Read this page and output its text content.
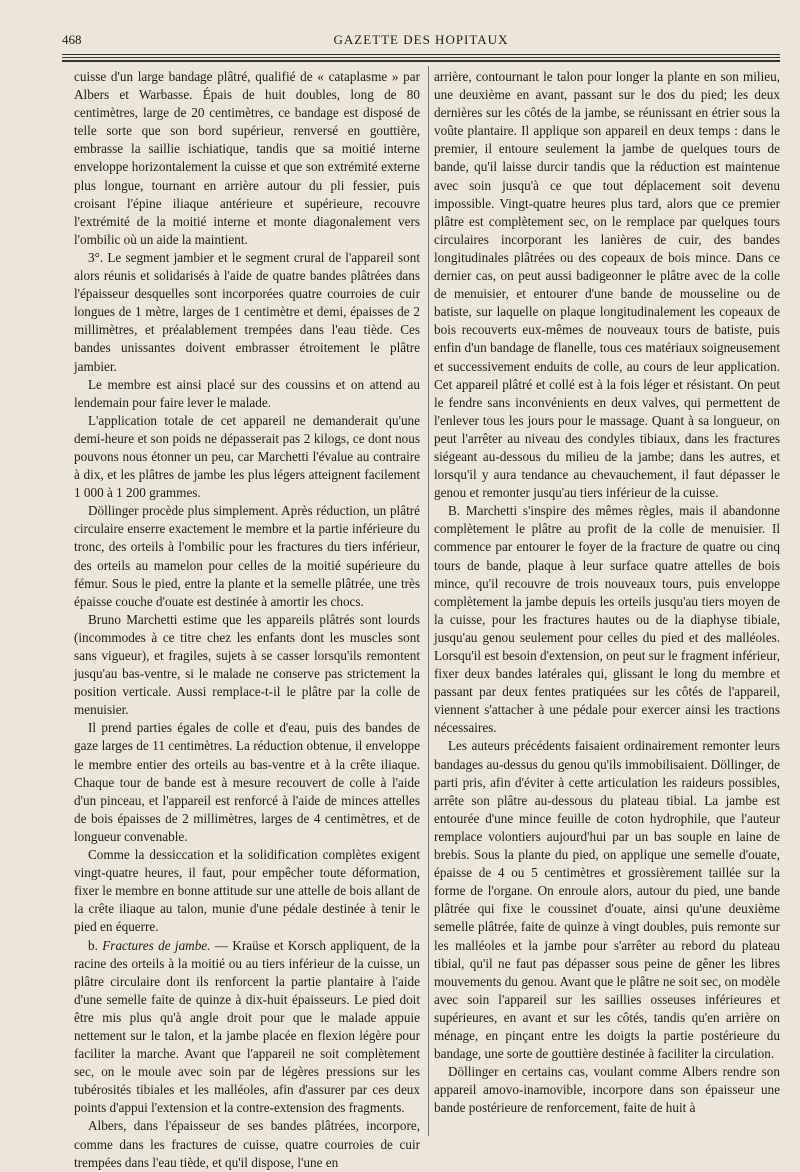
468	GAZETTE DES HOPITAUX

cuisse d'un large bandage plâtré, qualifié de « cataplasme » par Albers et Warbasse. Épais de huit doubles, long de 80 centimètres, large de 20 centimètres, ce bandage est disposé de telle sorte que son bord supérieur, renversé en gouttière, embrasse la saillie ischiatique, tandis que sa moitié interne enveloppe horizontalement la cuisse et que son extrémité externe plus longue, tournant en arrière autour du pli fessier, puis croisant l'épine iliaque antérieure et supérieure, recouvre l'extrémité de la moitié interne et monte diagonalement vers l'ombilic où un aide la maintient.

3°. Le segment jambier et le segment crural de l'appareil sont alors réunis et solidarisés à l'aide de quatre bandes plâtrées dans l'épaisseur desquelles sont incorporées quatre courroies de cuir longues de 1 mètre, larges de 1 centimètre et demi, épaisses de 2 millimètres, et préalablement trempées dans l'eau tiède. Ces bandes unissantes doivent embrasser étroitement le plâtre jambier.

Le membre est ainsi placé sur des coussins et on attend au lendemain pour faire lever le malade.

L'application totale de cet appareil ne demanderait qu'une demi-heure et son poids ne dépasserait pas 2 kilogs, ce dont nous pouvons nous étonner un peu, car Marchetti l'évalue au contraire à dix, et les plâtres de jambe les plus légers atteignent facilement 1 000 à 1 200 grammes.

Döllinger procède plus simplement. Après réduction, un plâtré circulaire enserre exactement le membre et la partie inférieure du tronc, des orteils à l'ombilic pour les fractures du tiers inférieur, des orteils au mamelon pour celles de la moitié supérieure du fémur. Sous le pied, entre la plante et la semelle plâtrée, une très épaisse couche d'ouate est destinée à amortir les chocs.

Bruno Marchetti estime que les appareils plâtrés sont lourds (incommodes à ce titre chez les enfants dont les muscles sont sans vigueur), et fragiles, sujets à se casser lorsqu'ils remontent jusqu'au bas-ventre, si le malade ne conserve pas strictement la position verticale. Aussi remplace-t-il le plâtre par la colle de menuisier.

Il prend parties égales de colle et d'eau, puis des bandes de gaze larges de 11 centimètres. La réduction obtenue, il enveloppe le membre entier des orteils au bas-ventre et à la crête iliaque. Chaque tour de bande est à mesure recouvert de colle à l'aide d'un pinceau, et l'appareil est renforcé à l'aide de minces attelles de bois épaisses de 2 millimètres, larges de 4 centimètres, et de longueur convenable.

Comme la dessiccation et la solidification complètes exigent vingt-quatre heures, il faut, pour empêcher toute déformation, fixer le membre en bonne attitude sur une attelle de bois allant de la crête iliaque au talon, munie d'une pédale destinée à tenir le pied en équerre.

b. Fractures de jambe. — Kraüse et Korsch appliquent, de la racine des orteils à la moitié ou au tiers inférieur de la cuisse, un plâtre circulaire dont ils renforcent la partie plantaire à l'aide d'une semelle faite de quinze à dix-huit épaisseurs. Le pied doit être mis plus qu'à angle droit pour que le malade appuie nettement sur le talon, et la jambe placée en flexion légère pour faciliter la marche. Avant que l'appareil ne soit complètement sec, on le moule avec soin par de légères pressions sur les tubérosités tibiales et les malléoles, afin d'assurer par ces deux points d'appui l'extension et la contre-extension des fragments.

Albers, dans l'épaisseur de ses bandes plâtrées, incorpore, comme dans les fractures de cuisse, quatre courroies de cuir trempées dans l'eau tiède, et qu'il dispose, l'une en

arrière, contournant le talon pour longer la plante en son milieu, une deuxième en avant, passant sur le dos du pied; les deux dernières sur les côtés de la jambe, se réunissant en étrier sous la voûte plantaire. Il applique son appareil en deux temps : dans le premier, il entoure seulement la jambe de quelques tours de bande, qu'il laisse durcir tandis que la réduction est maintenue avec soin jusqu'à ce que tout déplacement soit devenu impossible. Vingt-quatre heures plus tard, alors que ce premier plâtre est complètement sec, on le remplace par quelques tours circulaires incorporant les lanières de cuir, des bandes longitudinales plâtrées ou des copeaux de bois mince. Dans ce dernier cas, on peut aussi badigeonner le plâtre avec de la colle de menuisier, et entourer d'une bande de mousseline ou de batiste, sur laquelle on plaque longitudinalement les copeaux de bois recouverts eux-mêmes de nouveaux tours de batiste, puis enfin d'un bandage de flanelle, tous ces matériaux soigneusement et successivement enduits de colle, au cours de leur application. Cet appareil plâtré et collé est à la fois léger et résistant. On peut le fendre sans inconvénients en deux valves, qui permettent de l'enlever tous les jours pour le massage. Quant à sa longueur, on peut l'arrêter au niveau des condyles tibiaux, dans les fractures siégeant au-dessous du milieu de la jambe; dans les autres, et lorsqu'il y aura tendance au chevauchement, il faut dépasser le genou et remonter jusqu'au tiers inférieur de la cuisse.

B. Marchetti s'inspire des mêmes règles, mais il abandonne complètement le plâtre au profit de la colle de menuisier. Il commence par entourer le foyer de la fracture de quatre ou cinq tours de bande, plaque à leur surface quatre attelles de bois mince, qu'il recouvre de trois nouveaux tours, puis enveloppe complètement la jambe depuis les orteils jusqu'au tiers moyen de la cuisse, pour les fractures hautes ou de la diaphyse tibiale, jusqu'au genou seulement pour celles du pied et des malléoles. Lorsqu'il est besoin d'extension, on peut sur le fragment inférieur, fixer deux bandes latérales qui, glissant le long du membre et passant par deux fentes pratiquées sur les côtés de l'appareil, viennent s'attacher à une pédale pour exercer ainsi les tractions nécessaires.

Les auteurs précédents faisaient ordinairement remonter leurs bandages au-dessus du genou qu'ils immobilisaient. Döllinger, de parti pris, afin d'éviter à cette articulation les raideurs possibles, arrête son plâtre au-dessous du plateau tibial. La jambe est entourée d'une mince feuille de coton hydrophile, que l'auteur remplace volontiers aujourd'hui par un bas souple en laine de brebis. Sous la plante du pied, on applique une semelle d'ouate, épaisse de 4 ou 5 centimètres et grossièrement taillée sur la forme de l'organe. On enroule alors, autour du pied, une bande plâtrée qui fixe le coussinet d'ouate, ainsi qu'une deuxième semelle plâtrée, faite de quinze à vingt doubles, puis remonte sur les malléoles et la jambe pour s'arrêter au rebord du plateau tibial, qu'il ne faut pas dépasser sous peine de gêner les libres mouvements du genou. Avant que le plâtre ne soit sec, on modèle avec soin l'appareil sur les saillies osseuses inférieures et supérieures, en avant et sur les côtés, tandis qu'en arrière on ménage, en pinçant entre les doigts la partie postérieure du bandage, une sorte de gouttière destinée à faciliter la circulation.

Döllinger en certains cas, voulant comme Albers rendre son appareil amovo-inamovible, incorpore dans son épaisseur une bande postérieure de renforcement, faite de huit à
